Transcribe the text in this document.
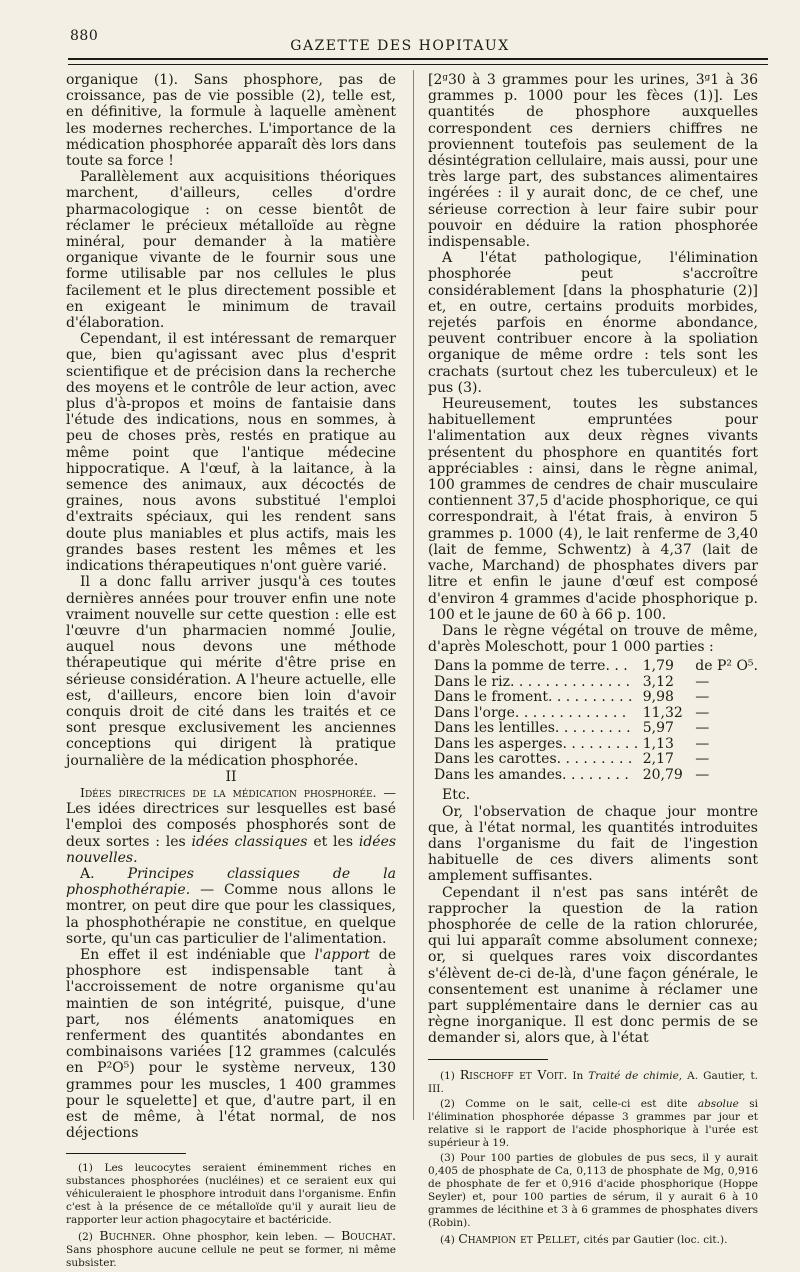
880
GAZETTE DES HOPITAUX

organique (1). Sans phosphore, pas de croissance, pas de vie possible (2), telle est, en définitive, la formule à laquelle amènent les modernes recherches. L'importance de la médication phosphorée apparaît dès lors dans toute sa force !

Parallèlement aux acquisitions théoriques marchent, d'ailleurs, celles d'ordre pharmacologique : on cesse bientôt de réclamer le précieux métalloïde au règne minéral, pour demander à la matière organique vivante de le fournir sous une forme utilisable par nos cellules le plus facilement et le plus directement possible et en exigeant le minimum de travail d'élaboration.

Cependant, il est intéressant de remarquer que, bien qu'agissant avec plus d'esprit scientifique et de précision dans la recherche des moyens et le contrôle de leur action, avec plus d'à-propos et moins de fantaisie dans l'étude des indications, nous en sommes, à peu de choses près, restés en pratique au même point que l'antique médecine hippocratique. A l'œuf, à la laitance, à la semence des animaux, aux décoctés de graines, nous avons substitué l'emploi d'extraits spéciaux, qui les rendent sans doute plus maniables et plus actifs, mais les grandes bases restent les mêmes et les indications thérapeutiques n'ont guère varié.

Il a donc fallu arriver jusqu'à ces toutes dernières années pour trouver enfin une note vraiment nouvelle sur cette question : elle est l'œuvre d'un pharmacien nommé Joulie, auquel nous devons une méthode thérapeutique qui mérite d'être prise en sérieuse considération. A l'heure actuelle, elle est, d'ailleurs, encore bien loin d'avoir conquis droit de cité dans les traités et ce sont presque exclusivement les anciennes conceptions qui dirigent là pratique journalière de la médication phosphorée.

II

Idées directrices de la médication phosphorée. — Les idées directrices sur lesquelles est basé l'emploi des composés phosphorés sont de deux sortes : les idées classiques et les idées nouvelles.

A. Principes classiques de la phosphothérapie. — Comme nous allons le montrer, on peut dire que pour les classiques, la phosphothérapie ne constitue, en quelque sorte, qu'un cas particulier de l'alimentation.

En effet il est indéniable que l'apport de phosphore est indispensable tant à l'accroissement de notre organisme qu'au maintien de son intégrité, puisque, d'une part, nos éléments anatomiques en renferment des quantités abondantes en combinaisons variées [12 grammes (calculés en P²O⁵) pour le système nerveux, 130 grammes pour les muscles, 1 400 grammes pour le squelette] et que, d'autre part, il en est de même, à l'état normal, de nos déjections

(1) Les leucocytes seraient éminemment riches en substances phosphorées (nucléines) et ce seraient eux qui véhiculeraient le phosphore introduit dans l'organisme. Enfin c'est à la présence de ce métalloïde qu'il y aurait lieu de rapporter leur action phagocytaire et bactéricide.

(2) Buchner. Ohne phosphor, kein leben. — Bouchat. Sans phosphore aucune cellule ne peut se former, ni même subsister.

[2ᵍ30 à 3 grammes pour les urines, 3ᵍ1 à 36 grammes p. 1000 pour les fèces (1)]. Les quantités de phosphore auxquelles correspondent ces derniers chiffres ne proviennent toutefois pas seulement de la désintégration cellulaire, mais aussi, pour une très large part, des substances alimentaires ingérées : il y aurait donc, de ce chef, une sérieuse correction à leur faire subir pour pouvoir en déduire la ration phosphorée indispensable.

A l'état pathologique, l'élimination phosphorée peut s'accroître considérablement [dans la phosphaturie (2)] et, en outre, certains produits morbides, rejetés parfois en énorme abondance, peuvent contribuer encore à la spoliation organique de même ordre : tels sont les crachats (surtout chez les tuberculeux) et le pus (3).

Heureusement, toutes les substances habituellement empruntées pour l'alimentation aux deux règnes vivants présentent du phosphore en quantités fort appréciables : ainsi, dans le règne animal, 100 grammes de cendres de chair musculaire contiennent 37,5 d'acide phosphorique, ce qui correspondrait, à l'état frais, à environ 5 grammes p. 1000 (4), le lait renferme de 3,40 (lait de femme, Schwentz) à 4,37 (lait de vache, Marchand) de phosphates divers par litre et enfin le jaune d'œuf est composé d'environ 4 grammes d'acide phosphorique p. 100 et le jaune de 60 à 66 p. 100.

Dans le règne végétal on trouve de même, d'après Moleschott, pour 1 000 parties :

Dans la pomme de terre. . .	1,79	de P² O⁵.
Dans le riz. . . . . . . . . . . . . .	3,12	—
Dans le froment. . . . . . . . . .	9,98	—
Dans l'orge. . . . . . . . . . . . .	11,32	—
Dans les lentilles. . . . . . . . .	5,97	—
Dans les asperges. . . . . . . . .	1,13	—
Dans les carottes. . . . . . . . .	2,17	—
Dans les amandes. . . . . . . .	20,79	—

Etc.

Or, l'observation de chaque jour montre que, à l'état normal, les quantités introduites dans l'organisme du fait de l'ingestion habituelle de ces divers aliments sont amplement suffisantes.

Cependant il n'est pas sans intérêt de rapprocher la question de la ration phosphorée de celle de la ration chlorurée, qui lui apparaît comme absolument connexe; or, si quelques rares voix discordantes s'élèvent de-ci de-là, d'une façon générale, le consentement est unanime à réclamer une part supplémentaire dans le dernier cas au règne inorganique. Il est donc permis de se demander si, alors que, à l'état

(1) Rischoff et Voit. In Traité de chimie, A. Gautier, t. III.

(2) Comme on le sait, celle-ci est dite absolue si l'élimination phosphorée dépasse 3 grammes par jour et relative si le rapport de l'acide phosphorique à l'urée est supérieur à 19.

(3) Pour 100 parties de globules de pus secs, il y aurait 0,405 de phosphate de Ca, 0,113 de phosphate de Mg, 0,916 de phosphate de fer et 0,916 d'acide phosphorique (Hoppe Seyler) et, pour 100 parties de sérum, il y aurait 6 à 10 grammes de lécithine et 3 à 6 grammes de phosphates divers (Robin).

(4) Champion et Pellet, cités par Gautier (loc. cit.).
